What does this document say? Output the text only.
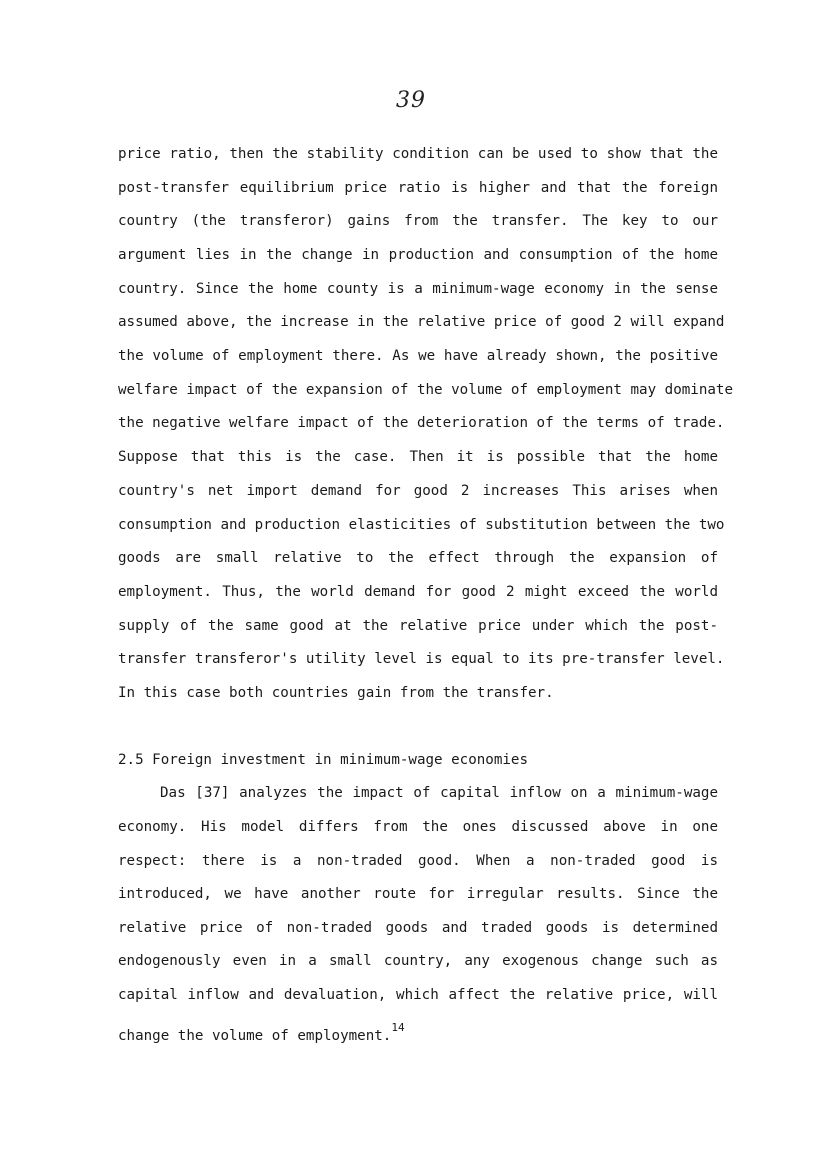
39
price ratio, then the stability condition can be used to show that the
post-transfer equilibrium price ratio is higher and that the foreign
country (the transferor) gains from the transfer. The key to our
argument lies in the change in production and consumption of the home
country. Since the home county is a minimum-wage economy in the sense
assumed above, the increase in the relative price of good 2 will expand
the volume of employment there. As we have already shown, the positive
welfare impact of the expansion of the volume of employment may dominate
the negative welfare impact of the deterioration of the terms of trade.
Suppose that this is the case. Then it is possible that the home
country's net import demand for good 2 increases This arises when
consumption and production elasticities of substitution between the two
goods are small relative to the effect through the expansion of
employment. Thus, the world demand for good 2 might exceed the world
supply of the same good at the relative price under which the post-
transfer transferor's utility level is equal to its pre-transfer level.
In this case both countries gain from the transfer.
2.5 Foreign investment in minimum-wage economies
Das [37] analyzes the impact of capital inflow on a minimum-wage
economy. His model differs from the ones discussed above in one
respect: there is a non-traded good. When a non-traded good is
introduced, we have another route for irregular results. Since the
relative price of non-traded goods and traded goods is determined
endogenously even in a small country, any exogenous change such as
capital inflow and devaluation, which affect the relative price, will
change the volume of employment.$^{14}$
